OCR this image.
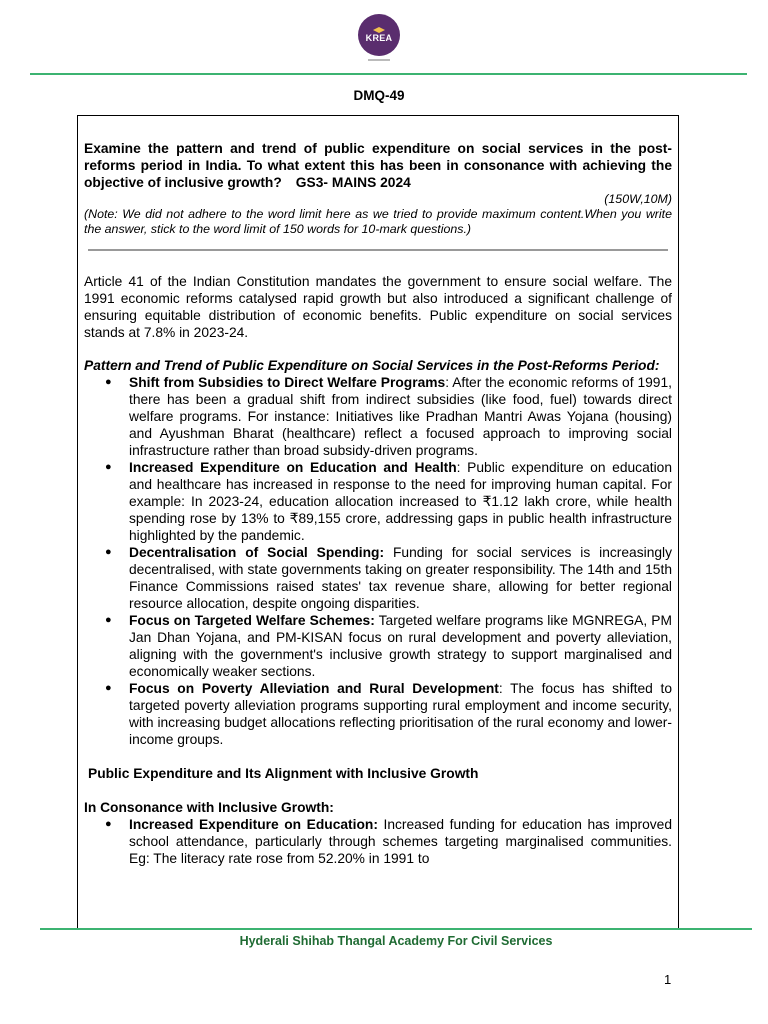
KREA
DMQ-49
Examine the pattern and trend of public expenditure on social services in the post-reforms period in India. To what extent this has been in consonance with achieving the objective of inclusive growth? GS3- MAINS 2024
(150W,10M)
(Note: We did not adhere to the word limit here as we tried to provide maximum content.When you write the answer, stick to the word limit of 150 words for 10-mark questions.)
Article 41 of the Indian Constitution mandates the government to ensure social welfare. The 1991 economic reforms catalysed rapid growth but also introduced a significant challenge of ensuring equitable distribution of economic benefits. Public expenditure on social services stands at 7.8% in 2023-24.
Pattern and Trend of Public Expenditure on Social Services in the Post-Reforms Period:
● Shift from Subsidies to Direct Welfare Programs: After the economic reforms of 1991, there has been a gradual shift from indirect subsidies (like food, fuel) towards direct welfare programs. For instance: Initiatives like Pradhan Mantri Awas Yojana (housing) and Ayushman Bharat (healthcare) reflect a focused approach to improving social infrastructure rather than broad subsidy-driven programs.
● Increased Expenditure on Education and Health: Public expenditure on education and healthcare has increased in response to the need for improving human capital. For example: In 2023-24, education allocation increased to ₹1.12 lakh crore, while health spending rose by 13% to ₹89,155 crore, addressing gaps in public health infrastructure highlighted by the pandemic.
● Decentralisation of Social Spending: Funding for social services is increasingly decentralised, with state governments taking on greater responsibility. The 14th and 15th Finance Commissions raised states' tax revenue share, allowing for better regional resource allocation, despite ongoing disparities.
● Focus on Targeted Welfare Schemes: Targeted welfare programs like MGNREGA, PM Jan Dhan Yojana, and PM-KISAN focus on rural development and poverty alleviation, aligning with the government's inclusive growth strategy to support marginalised and economically weaker sections.
● Focus on Poverty Alleviation and Rural Development: The focus has shifted to targeted poverty alleviation programs supporting rural employment and income security, with increasing budget allocations reflecting prioritisation of the rural economy and lower-income groups.
Public Expenditure and Its Alignment with Inclusive Growth
In Consonance with Inclusive Growth:
● Increased Expenditure on Education: Increased funding for education has improved school attendance, particularly through schemes targeting marginalised communities. Eg: The literacy rate rose from 52.20% in 1991 to
Hyderali Shihab Thangal Academy For Civil Services
1
